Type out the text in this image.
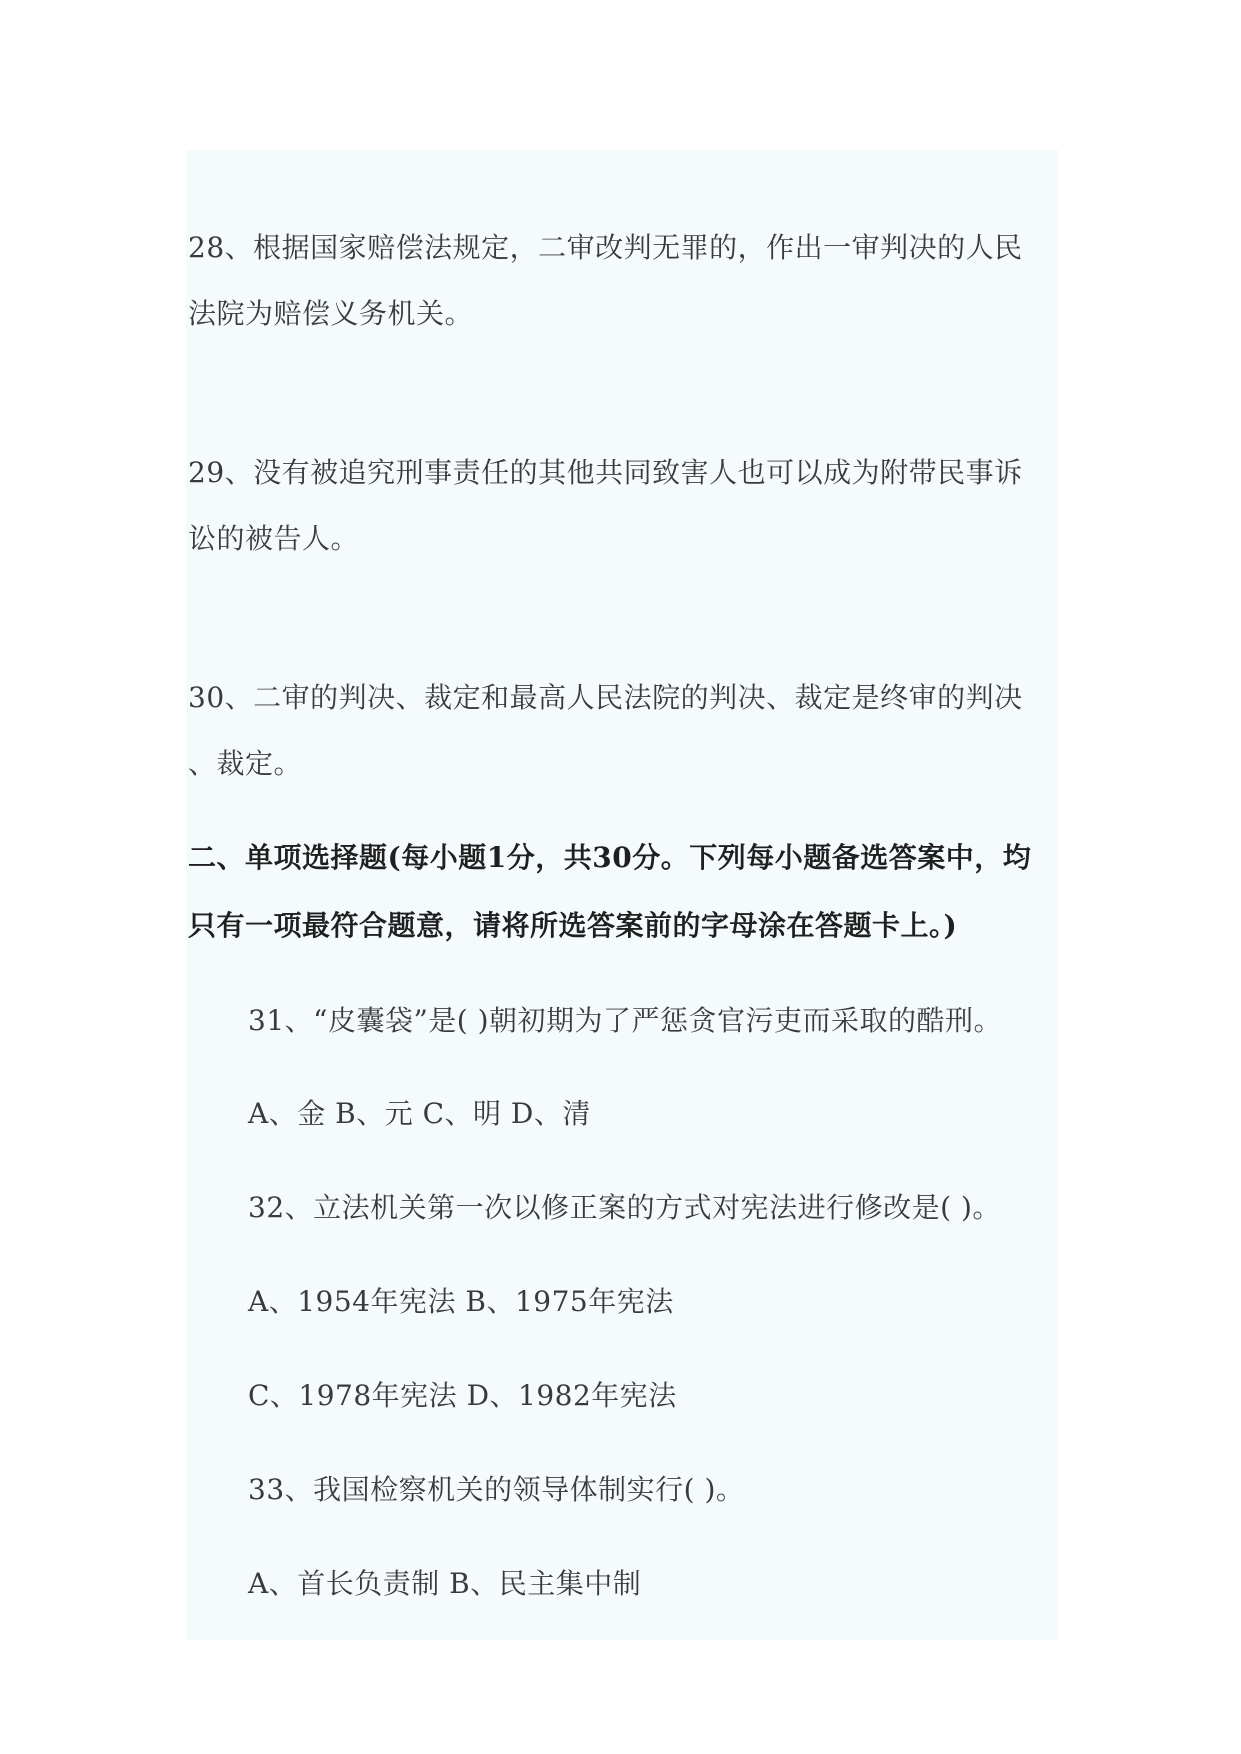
28、根据国家赔偿法规定，二审改判无罪的，作出一审判决的人民
法院为赔偿义务机关。
29、没有被追究刑事责任的其他共同致害人也可以成为附带民事诉
讼的被告人。
30、二审的判决、裁定和最高人民法院的判决、裁定是终审的判决
、裁定。
二、单项选择题(每小题1分，共30分。下列每小题备选答案中，均
只有一项最符合题意，请将所选答案前的字母涂在答题卡上。)
31、“皮囊袋”是( )朝初期为了严惩贪官污吏而采取的酷刑。
A、金 B、元 C、明 D、清
32、立法机关第一次以修正案的方式对宪法进行修改是( )。
A、1954年宪法 B、1975年宪法
C、1978年宪法 D、1982年宪法
33、我国检察机关的领导体制实行( )。
A、首长负责制 B、民主集中制
